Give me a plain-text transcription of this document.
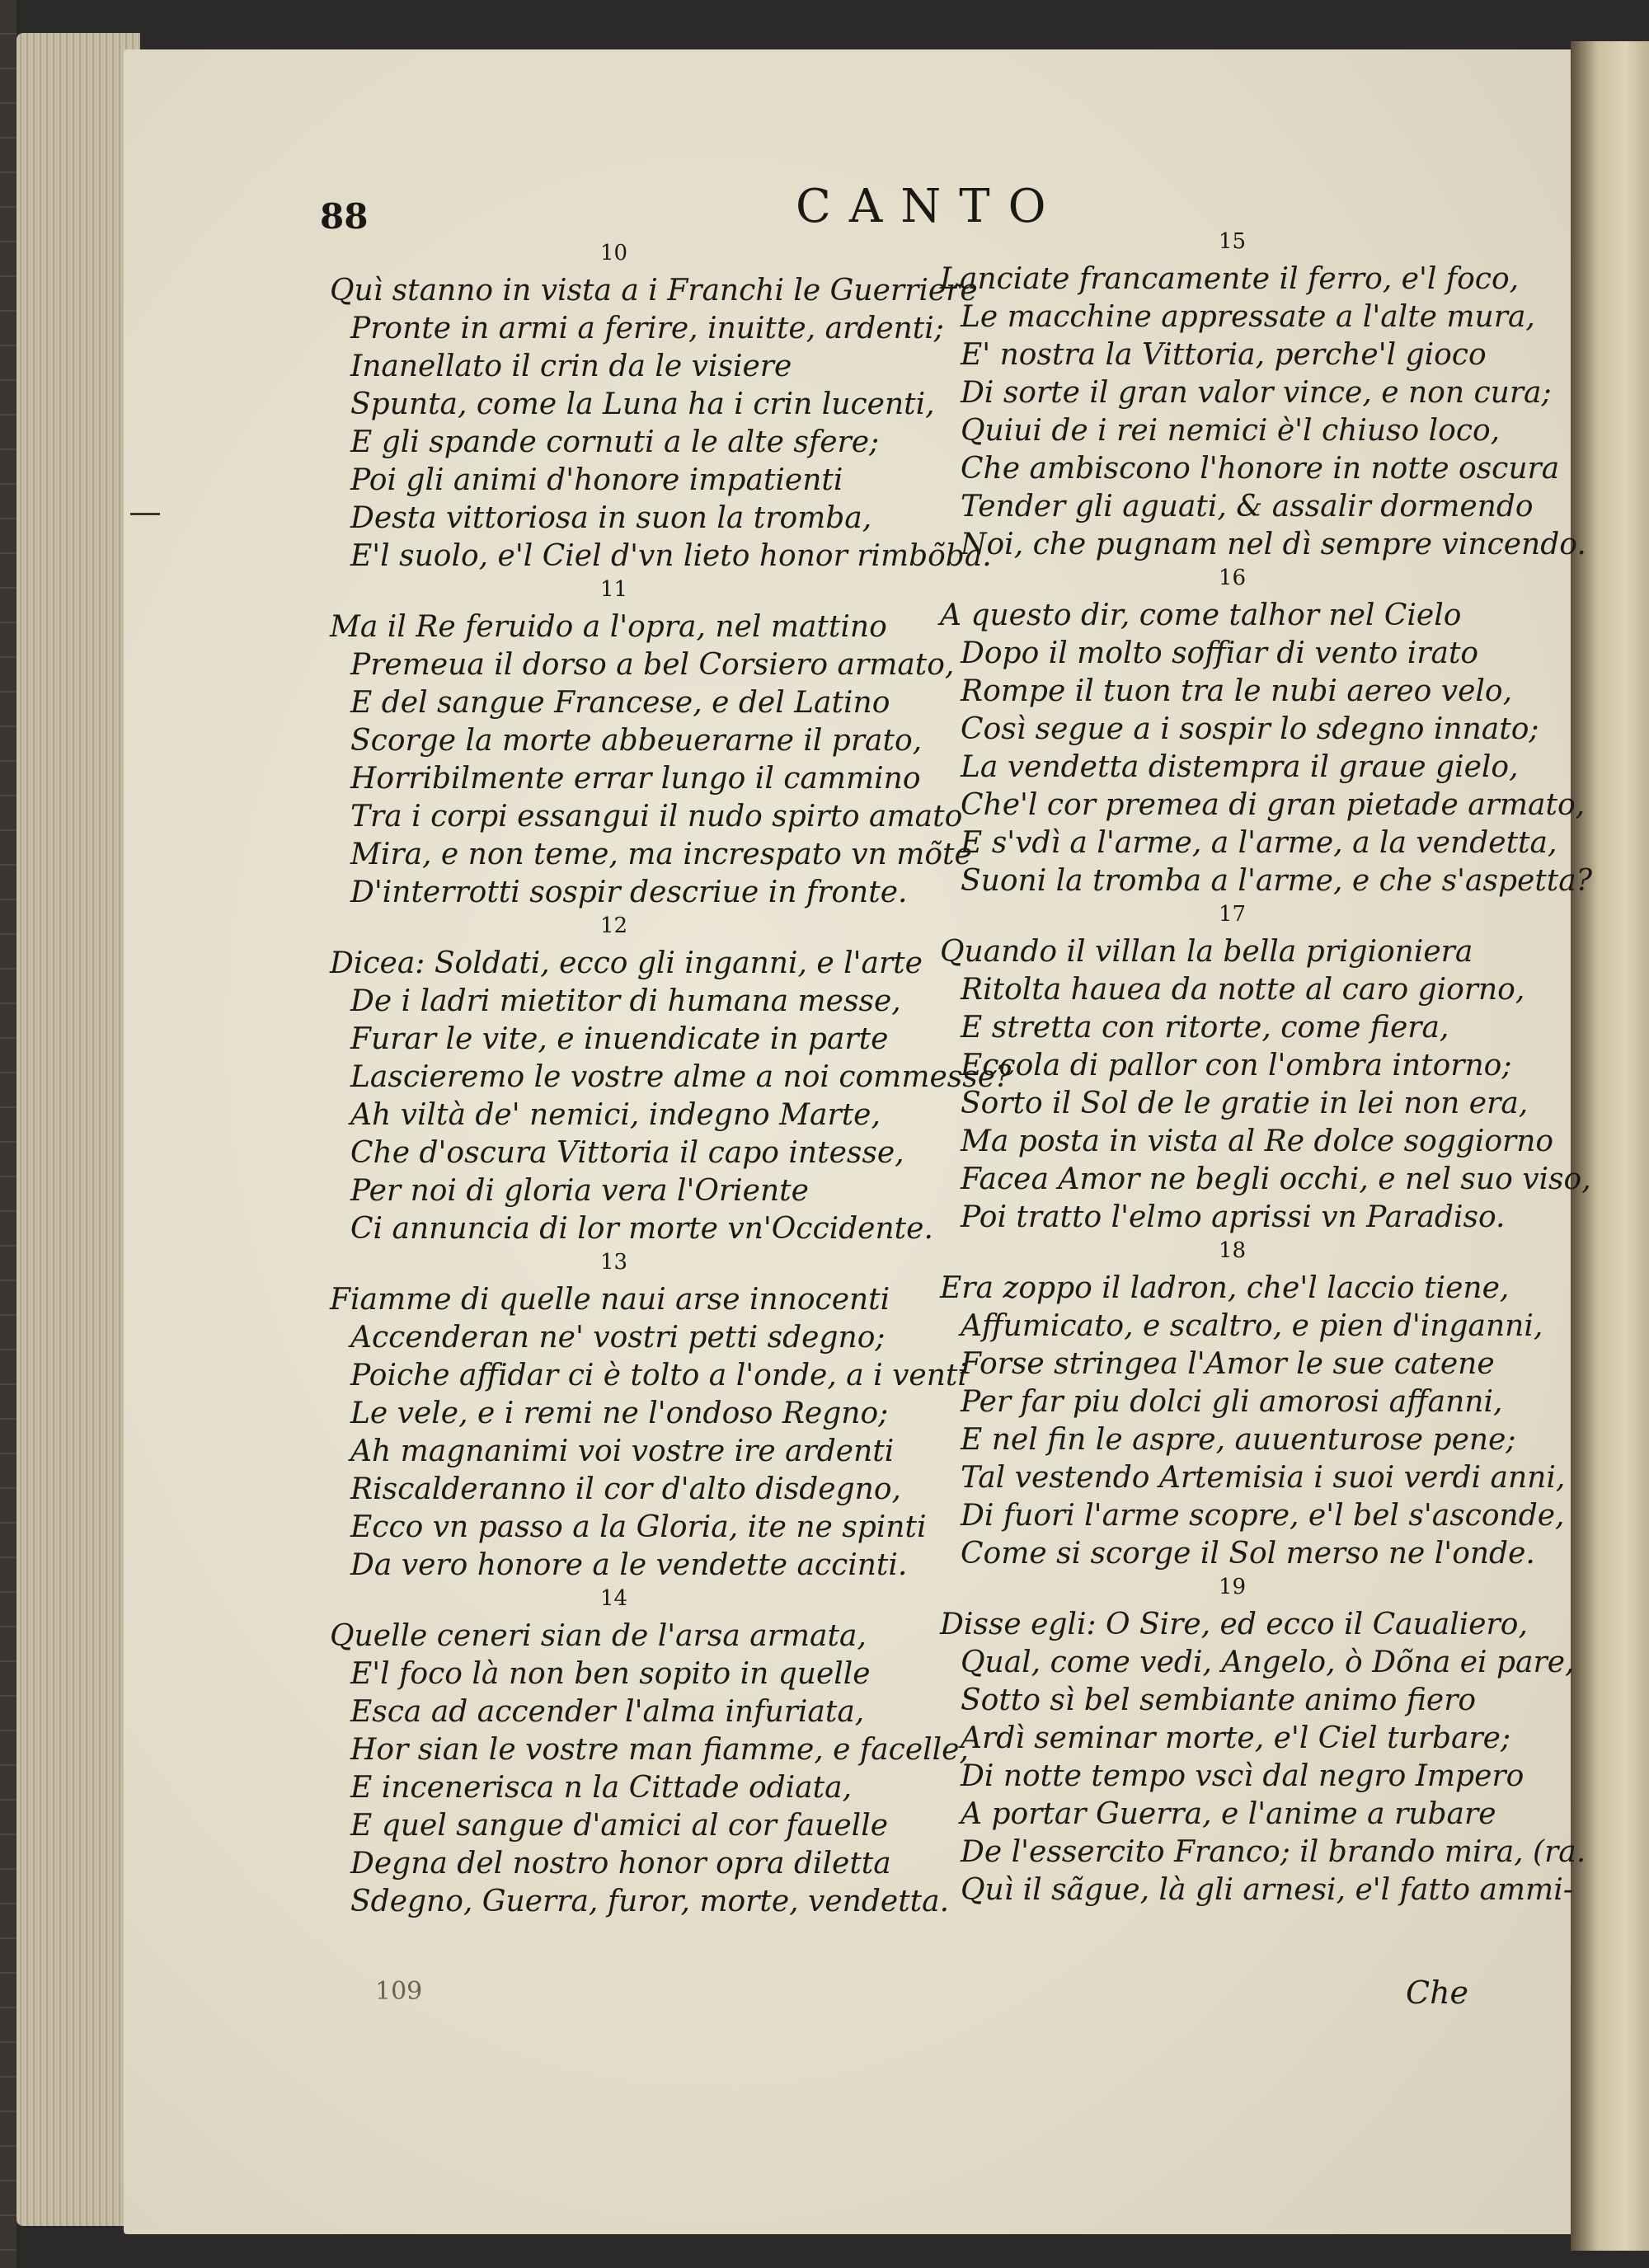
88	CANTO
10
Quì stanno in vista a i Franchi le Guerriere
Pronte in armi a ferire, inuitte, ardenti;
Inanellato il crin da le visiere
Spunta, come la Luna ha i crin lucenti,
E gli spande cornuti a le alte sfere;
Poi gli animi d'honore impatienti
Desta vittoriosa in suon la tromba,
E'l suolo, e'l Ciel d'vn lieto honor rimbõba.
11
Ma il Re feruido a l'opra, nel mattino
Premeua il dorso a bel Corsiero armato,
E del sangue Francese, e del Latino
Scorge la morte abbeuerarne il prato,
Horribilmente errar lungo il cammino
Tra i corpi essangui il nudo spirto amato
Mira, e non teme, ma increspato vn mõte
D'interrotti sospir descriue in fronte.
12
Dicea: Soldati, ecco gli inganni, e l'arte
De i ladri mietitor di humana messe,
Furar le vite, e inuendicate in parte
Lascieremo le vostre alme a noi commesse?
Ah viltà de' nemici, indegno Marte,
Che d'oscura Vittoria il capo intesse,
Per noi di gloria vera l'Oriente
Ci annuncia di lor morte vn'Occidente.
13
Fiamme di quelle naui arse innocenti
Accenderan ne' vostri petti sdegno;
Poiche affidar ci è tolto a l'onde, a i venti
Le vele, e i remi ne l'ondoso Regno;
Ah magnanimi voi vostre ire ardenti
Riscalderanno il cor d'alto disdegno,
Ecco vn passo a la Gloria, ite ne spinti
Da vero honore a le vendette accinti.
14
Quelle ceneri sian de l'arsa armata,
E'l foco là non ben sopito in quelle
Esca ad accender l'alma infuriata,
Hor sian le vostre man fiamme, e facelle,
E incenerisca n la Cittade odiata,
E quel sangue d'amici al cor fauelle
Degna del nostro honor opra diletta
Sdegno, Guerra, furor, morte, vendetta.
15
Lanciate francamente il ferro, e'l foco,
Le macchine appressate a l'alte mura,
E' nostra la Vittoria, perche'l gioco
Di sorte il gran valor vince, e non cura;
Quiui de i rei nemici è'l chiuso loco,
Che ambiscono l'honore in notte oscura
Tender gli aguati, & assalir dormendo
Noi, che pugnam nel dì sempre vincendo.
16
A questo dir, come talhor nel Cielo
Dopo il molto soffiar di vento irato
Rompe il tuon tra le nubi aereo velo,
Così segue a i sospir lo sdegno innato;
La vendetta distempra il graue gielo,
Che'l cor premea di gran pietade armato,
E s'vdì a l'arme, a l'arme, a la vendetta,
Suoni la tromba a l'arme, e che s'aspetta?
17
Quando il villan la bella prigioniera
Ritolta hauea da notte al caro giorno,
E stretta con ritorte, come fiera,
Eccola di pallor con l'ombra intorno;
Sorto il Sol de le gratie in lei non era,
Ma posta in vista al Re dolce soggiorno
Facea Amor ne begli occhi, e nel suo viso,
Poi tratto l'elmo aprissi vn Paradiso.
18
Era zoppo il ladron, che'l laccio tiene,
Affumicato, e scaltro, e pien d'inganni,
Forse stringea l'Amor le sue catene
Per far piu dolci gli amorosi affanni,
E nel fin le aspre, auuenturose pene;
Tal vestendo Artemisia i suoi verdi anni,
Di fuori l'arme scopre, e'l bel s'asconde,
Come si scorge il Sol merso ne l'onde.
19
Disse egli: O Sire, ed ecco il Caualiero,
Qual, come vedi, Angelo, ò Dõna ei pare,
Sotto sì bel sembiante animo fiero
Ardì seminar morte, e'l Ciel turbare;
Di notte tempo vscì dal negro Impero
A portar Guerra, e l'animе a rubare
De l'essercito Franco; il brando mira, (ra.
Quì il sãgue, là gli arnesi, e'l fatto ammi-
109	Che
